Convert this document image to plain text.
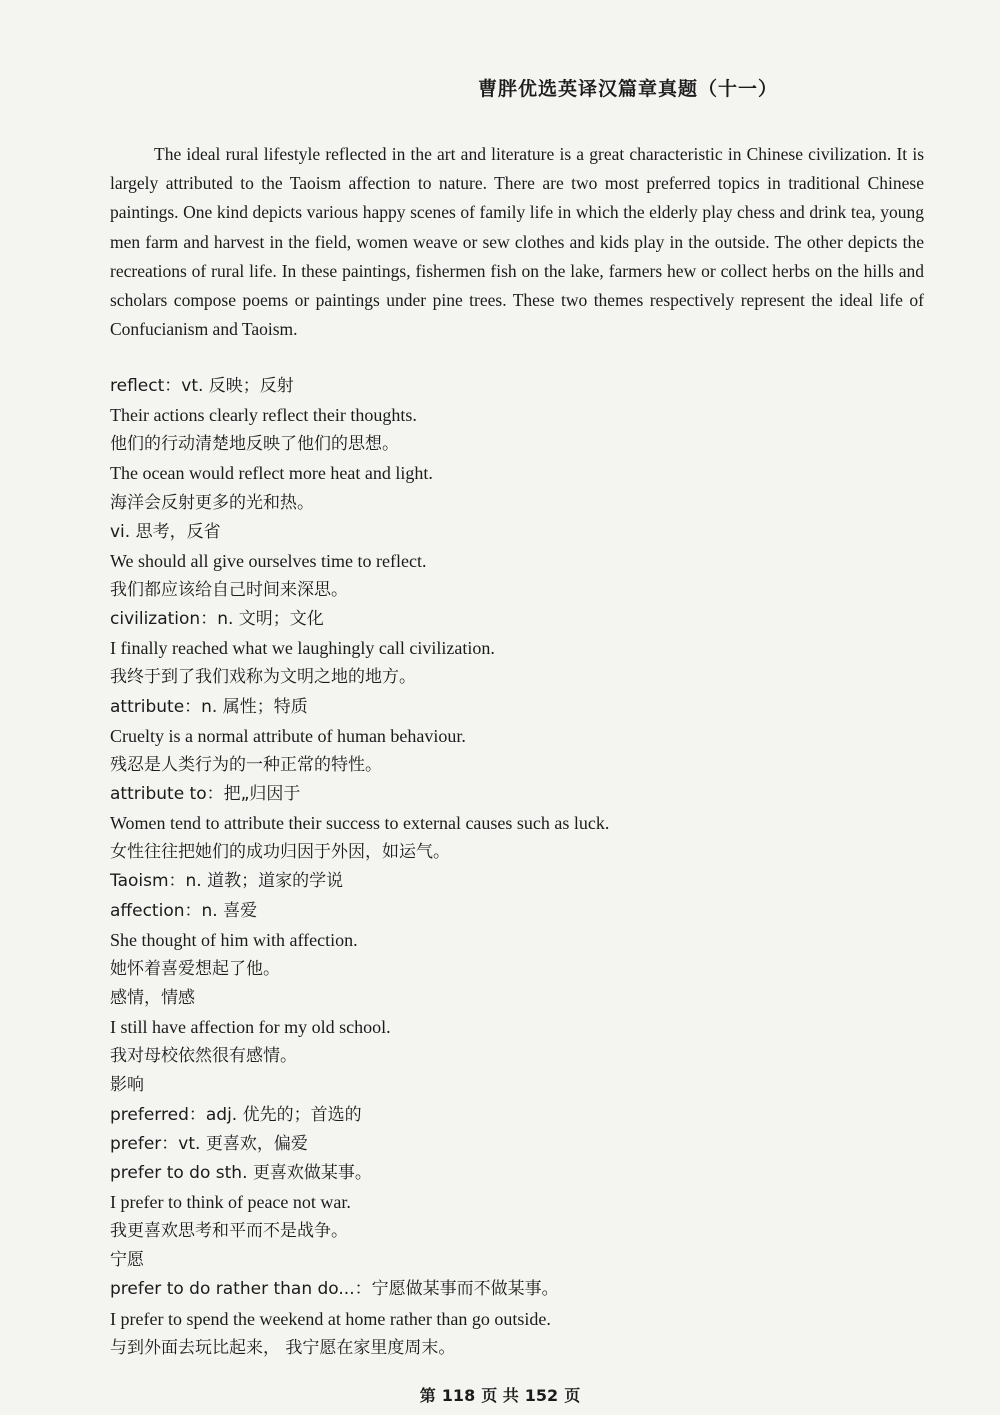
曹胖优选英译汉篇章真题（十一）
The ideal rural lifestyle reflected in the art and literature is a great characteristic in Chinese civilization. It is largely attributed to the Taoism affection to nature. There are two most preferred topics in traditional Chinese paintings. One kind depicts various happy scenes of family life in which the elderly play chess and drink tea, young men farm and harvest in the field, women weave or sew clothes and kids play in the outside. The other depicts the recreations of rural life. In these paintings, fishermen fish on the lake, farmers hew or collect herbs on the hills and scholars compose poems or paintings under pine trees. These two themes respectively represent the ideal life of Confucianism and Taoism.
reflect：vt. 反映；反射
Their actions clearly reflect their thoughts.
他们的行动清楚地反映了他们的思想。
The ocean would reflect more heat and light.
海洋会反射更多的光和热。
vi. 思考，反省
We should all give ourselves time to reflect.
我们都应该给自己时间来深思。
civilization：n. 文明；文化
I finally reached what we laughingly call civilization.
我终于到了我们戏称为文明之地的地方。
attribute：n. 属性；特质
Cruelty is a normal attribute of human behaviour.
残忍是人类行为的一种正常的特性。
attribute to：把„归因于
Women tend to attribute their success to external causes such as luck.
女性往往把她们的成功归因于外因，如运气。
Taoism：n. 道教；道家的学说
affection：n. 喜爱
She thought of him with affection.
她怀着喜爱想起了他。
感情，情感
I still have affection for my old school.
我对母校依然很有感情。
影响
preferred：adj. 优先的；首选的
prefer：vt. 更喜欢，偏爱
prefer to do sth. 更喜欢做某事。
I prefer to think of peace not war.
我更喜欢思考和平而不是战争。
宁愿
prefer to do rather than do...：宁愿做某事而不做某事。
I prefer to spend the weekend at home rather than go outside.
与到外面去玩比起来， 我宁愿在家里度周末。
第 118 页 共 152 页
